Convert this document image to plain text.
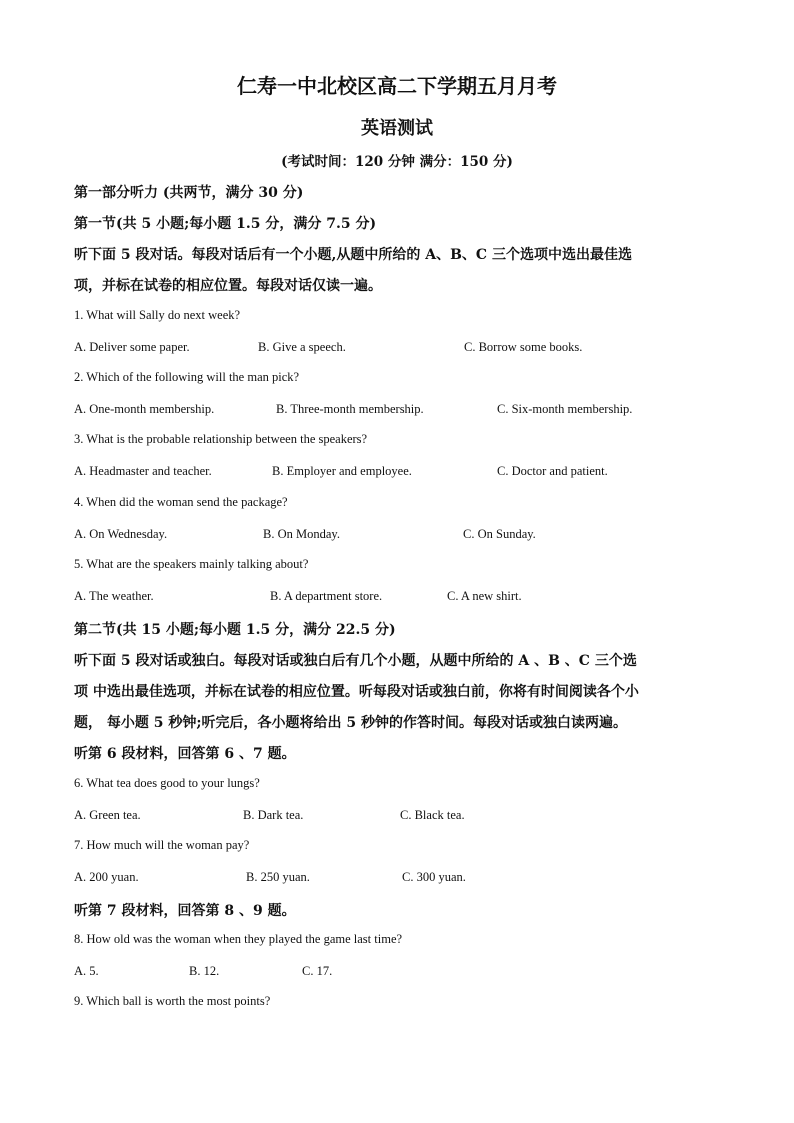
仁寿一中北校区高二下学期五月月考
英语测试
(考试时间：120 分钟 满分：150 分)
第一部分听力 (共两节，满分 30 分)
第一节(共 5 小题;每小题 1.5 分，满分 7.5 分)
听下面 5 段对话。每段对话后有一个小题,从题中所给的 A、B、C 三个选项中选出最佳选
项，并标在试卷的相应位置。每段对话仅读一遍。
1. What will Sally do next week?
A. Deliver some paper.	B. Give a speech.	C. Borrow some books.
2. Which of the following will the man pick?
A. One-month membership.	B. Three-month membership.	C. Six-month membership.
3. What is the probable relationship between the speakers?
A. Headmaster and teacher.	B. Employer and employee.	C. Doctor and patient.
4. When did the woman send the package?
A. On Wednesday.	B. On Monday.	C. On Sunday.
5. What are the speakers mainly talking about?
A. The weather.	B. A department store.	C. A new shirt.
第二节(共 15 小题;每小题 1.5 分，满分 22.5 分)
听下面 5 段对话或独白。每段对话或独白后有几个小题，从题中所给的 A 、B 、C 三个选
项 中选出最佳选项，并标在试卷的相应位置。听每段对话或独白前，你将有时间阅读各个小
题， 每小题 5 秒钟;听完后，各小题将给出 5 秒钟的作答时间。每段对话或独白读两遍。
听第 6 段材料，回答第 6 、7 题。
6. What tea does good to your lungs?
A. Green tea.	B. Dark tea.	C. Black tea.
7. How much will the woman pay?
A. 200 yuan.	B. 250 yuan.	C. 300 yuan.
听第 7 段材料，回答第 8 、9 题。
8. How old was the woman when they played the game last time?
A. 5.	B. 12.	C. 17.
9. Which ball is worth the most points?
